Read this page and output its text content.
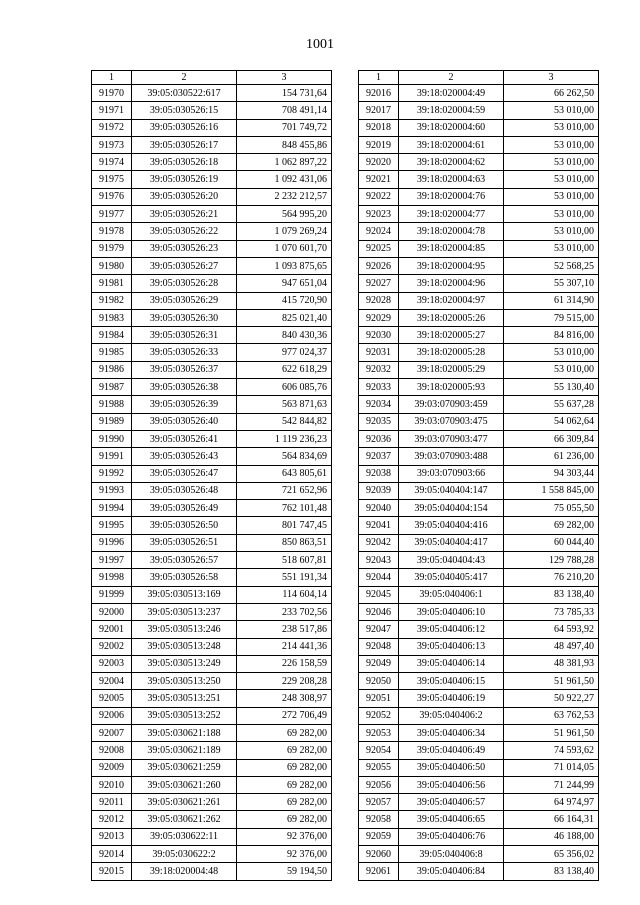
1001
1	2	3
91970	39:05:030522:617	154 731,64
91971	39:05:030526:15	708 491,14
91972	39:05:030526:16	701 749,72
91973	39:05:030526:17	848 455,86
91974	39:05:030526:18	1 062 897,22
91975	39:05:030526:19	1 092 431,06
91976	39:05:030526:20	2 232 212,57
91977	39:05:030526:21	564 995,20
91978	39:05:030526:22	1 079 269,24
91979	39:05:030526:23	1 070 601,70
91980	39:05:030526:27	1 093 875,65
91981	39:05:030526:28	947 651,04
91982	39:05:030526:29	415 720,90
91983	39:05:030526:30	825 021,40
91984	39:05:030526:31	840 430,36
91985	39:05:030526:33	977 024,37
91986	39:05:030526:37	622 618,29
91987	39:05:030526:38	606 085,76
91988	39:05:030526:39	563 871,63
91989	39:05:030526:40	542 844,82
91990	39:05:030526:41	1 119 236,23
91991	39:05:030526:43	564 834,69
91992	39:05:030526:47	643 805,61
91993	39:05:030526:48	721 652,96
91994	39:05:030526:49	762 101,48
91995	39:05:030526:50	801 747,45
91996	39:05:030526:51	850 863,51
91997	39:05:030526:57	518 607,81
91998	39:05:030526:58	551 191,34
91999	39:05:030513:169	114 604,14
92000	39:05:030513:237	233 702,56
92001	39:05:030513:246	238 517,86
92002	39:05:030513:248	214 441,36
92003	39:05:030513:249	226 158,59
92004	39:05:030513:250	229 208,28
92005	39:05:030513:251	248 308,97
92006	39:05:030513:252	272 706,49
92007	39:05:030621:188	69 282,00
92008	39:05:030621:189	69 282,00
92009	39:05:030621:259	69 282,00
92010	39:05:030621:260	69 282,00
92011	39:05:030621:261	69 282,00
92012	39:05:030621:262	69 282,00
92013	39:05:030622:11	92 376,00
92014	39:05:030622:2	92 376,00
92015	39:18:020004:48	59 194,50
1	2	3
92016	39:18:020004:49	66 262,50
92017	39:18:020004:59	53 010,00
92018	39:18:020004:60	53 010,00
92019	39:18:020004:61	53 010,00
92020	39:18:020004:62	53 010,00
92021	39:18:020004:63	53 010,00
92022	39:18:020004:76	53 010,00
92023	39:18:020004:77	53 010,00
92024	39:18:020004:78	53 010,00
92025	39:18:020004:85	53 010,00
92026	39:18:020004:95	52 568,25
92027	39:18:020004:96	55 307,10
92028	39:18:020004:97	61 314,90
92029	39:18:020005:26	79 515,00
92030	39:18:020005:27	84 816,00
92031	39:18:020005:28	53 010,00
92032	39:18:020005:29	53 010,00
92033	39:18:020005:93	55 130,40
92034	39:03:070903:459	55 637,28
92035	39:03:070903:475	54 062,64
92036	39:03:070903:477	66 309,84
92037	39:03:070903:488	61 236,00
92038	39:03:070903:66	94 303,44
92039	39:05:040404:147	1 558 845,00
92040	39:05:040404:154	75 055,50
92041	39:05:040404:416	69 282,00
92042	39:05:040404:417	60 044,40
92043	39:05:040404:43	129 788,28
92044	39:05:040405:417	76 210,20
92045	39:05:040406:1	83 138,40
92046	39:05:040406:10	73 785,33
92047	39:05:040406:12	64 593,92
92048	39:05:040406:13	48 497,40
92049	39:05:040406:14	48 381,93
92050	39:05:040406:15	51 961,50
92051	39:05:040406:19	50 922,27
92052	39:05:040406:2	63 762,53
92053	39:05:040406:34	51 961,50
92054	39:05:040406:49	74 593,62
92055	39:05:040406:50	71 014,05
92056	39:05:040406:56	71 244,99
92057	39:05:040406:57	64 974,97
92058	39:05:040406:65	66 164,31
92059	39:05:040406:76	46 188,00
92060	39:05:040406:8	65 356,02
92061	39:05:040406:84	83 138,40
